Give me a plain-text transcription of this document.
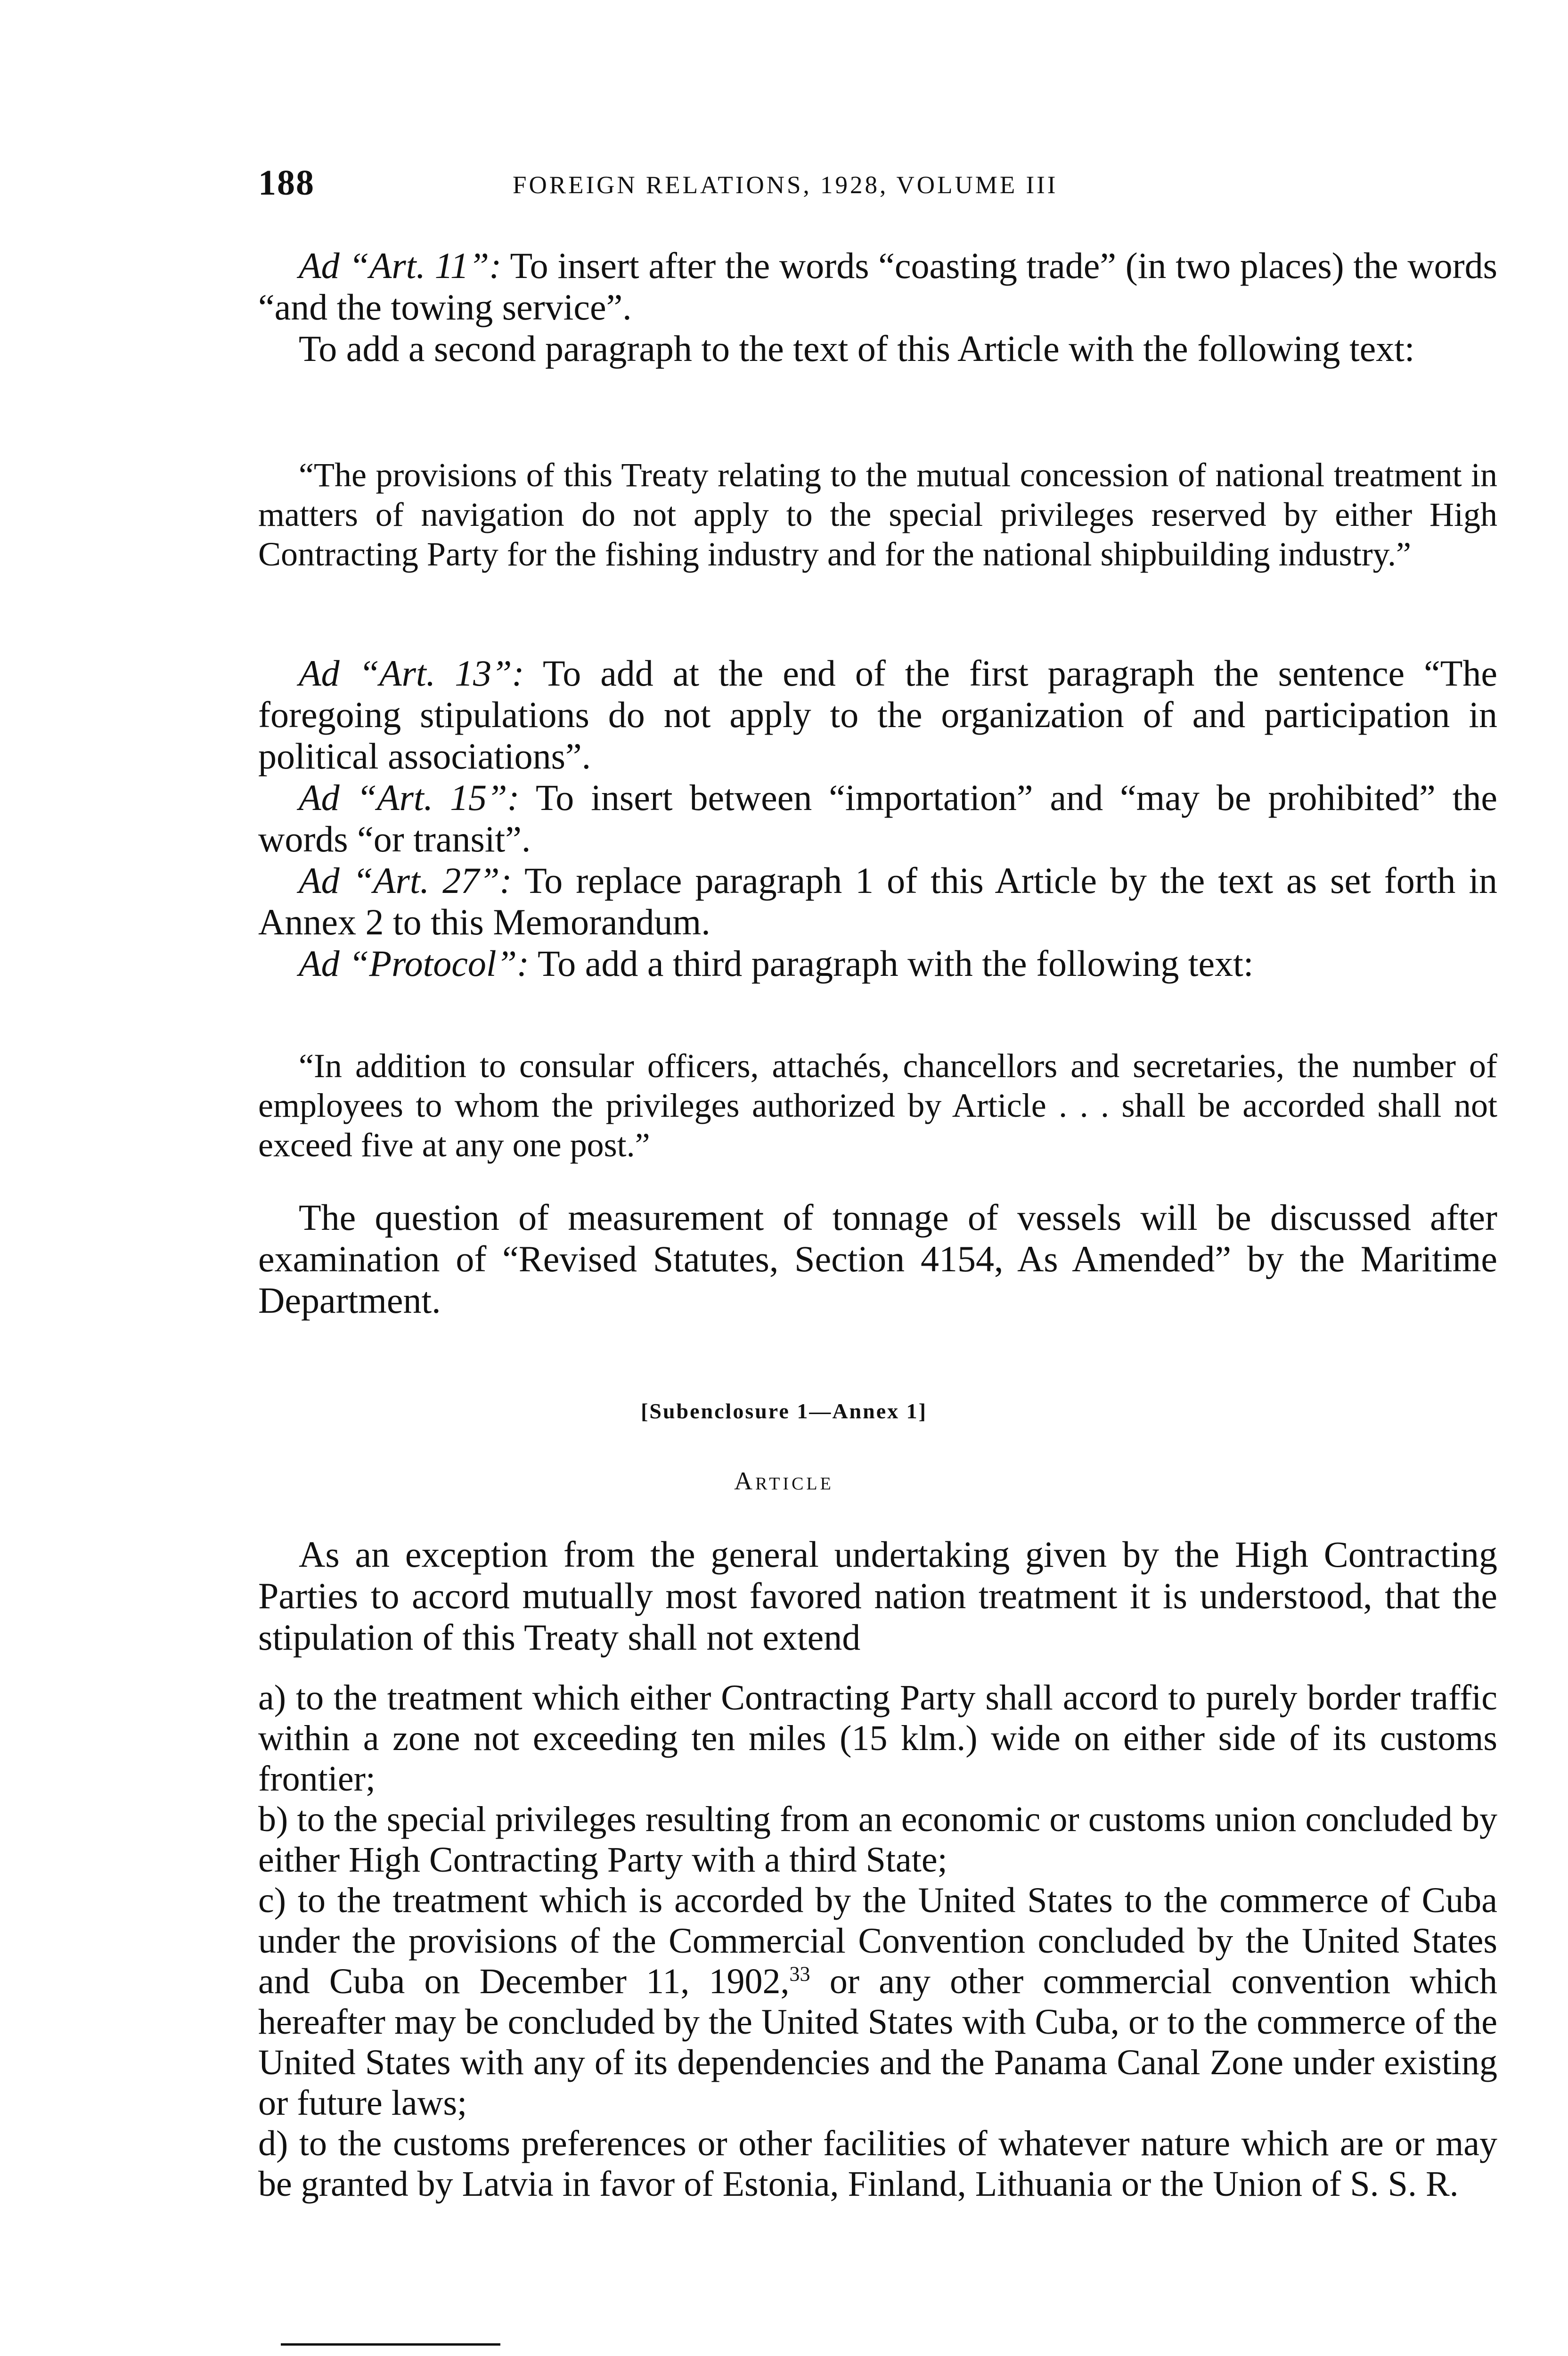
188	FOREIGN RELATIONS, 1928, VOLUME III

Ad “Art. 11”: To insert after the words “coasting trade” (in two places) the words “and the towing service”.

To add a second paragraph to the text of this Article with the following text:

“The provisions of this Treaty relating to the mutual concession of national treatment in matters of navigation do not apply to the special privileges reserved by either High Contracting Party for the fishing industry and for the national shipbuilding industry.”

Ad “Art. 13”: To add at the end of the first paragraph the sentence “The foregoing stipulations do not apply to the organization of and participation in political associations”.

Ad “Art. 15”: To insert between “importation” and “may be prohibited” the words “or transit”.

Ad “Art. 27”: To replace paragraph 1 of this Article by the text as set forth in Annex 2 to this Memorandum.

Ad “Protocol”: To add a third paragraph with the following text:

“In addition to consular officers, attachés, chancellors and secretaries, the number of employees to whom the privileges authorized by Article . . . shall be accorded shall not exceed five at any one post.”

The question of measurement of tonnage of vessels will be discussed after examination of “Revised Statutes, Section 4154, As Amended” by the Maritime Department.

[Subenclosure 1—Annex 1]
Article

As an exception from the general undertaking given by the High Contracting Parties to accord mutually most favored nation treatment it is understood, that the stipulation of this Treaty shall not extend

a) to the treatment which either Contracting Party shall accord to purely border traffic within a zone not exceeding ten miles (15 klm.) wide on either side of its customs frontier;

b) to the special privileges resulting from an economic or customs union concluded by either High Contracting Party with a third State;

c) to the treatment which is accorded by the United States to the commerce of Cuba under the provisions of the Commercial Convention concluded by the United States and Cuba on December 11, 1902,33 or any other commercial convention which hereafter may be concluded by the United States with Cuba, or to the commerce of the United States with any of its dependencies and the Panama Canal Zone under existing or future laws;

d) to the customs preferences or other facilities of whatever nature which are or may be granted by Latvia in favor of Estonia, Finland, Lithuania or the Union of S. S. R.
